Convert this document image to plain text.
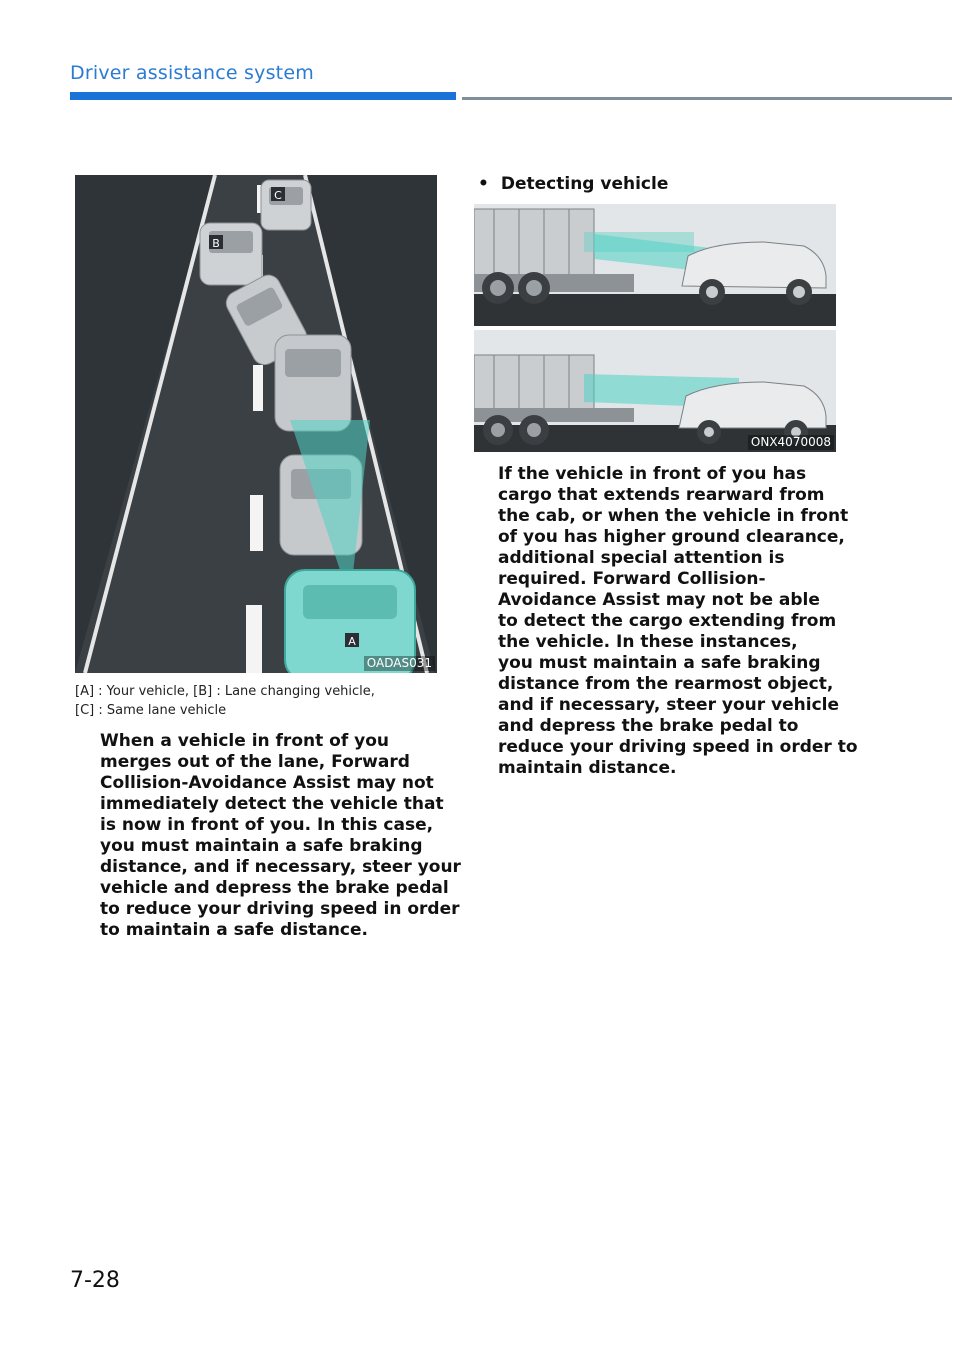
Driver assistance system
A
B
C
OADAS031
[A] : Your vehicle, [B] : Lane changing vehicle,
[C] : Same lane vehicle
When a vehicle in front of you
merges out of the lane, Forward
Collision-Avoidance Assist may not
immediately detect the vehicle that
is now in front of you. In this case,
you must maintain a safe braking
distance, and if necessary, steer your
vehicle and depress the brake pedal
to reduce your driving speed in order
to maintain a safe distance.
• Detecting vehicle
ONX4070008
If the vehicle in front of you has
cargo that extends rearward from
the cab, or when the vehicle in front
of you has higher ground clearance,
additional special attention is
required. Forward Collision-
Avoidance Assist may not be able
to detect the cargo extending from
the vehicle. In these instances,
you must maintain a safe braking
distance from the rearmost object,
and if necessary, steer your vehicle
and depress the brake pedal to
reduce your driving speed in order to
maintain distance.
7-28
